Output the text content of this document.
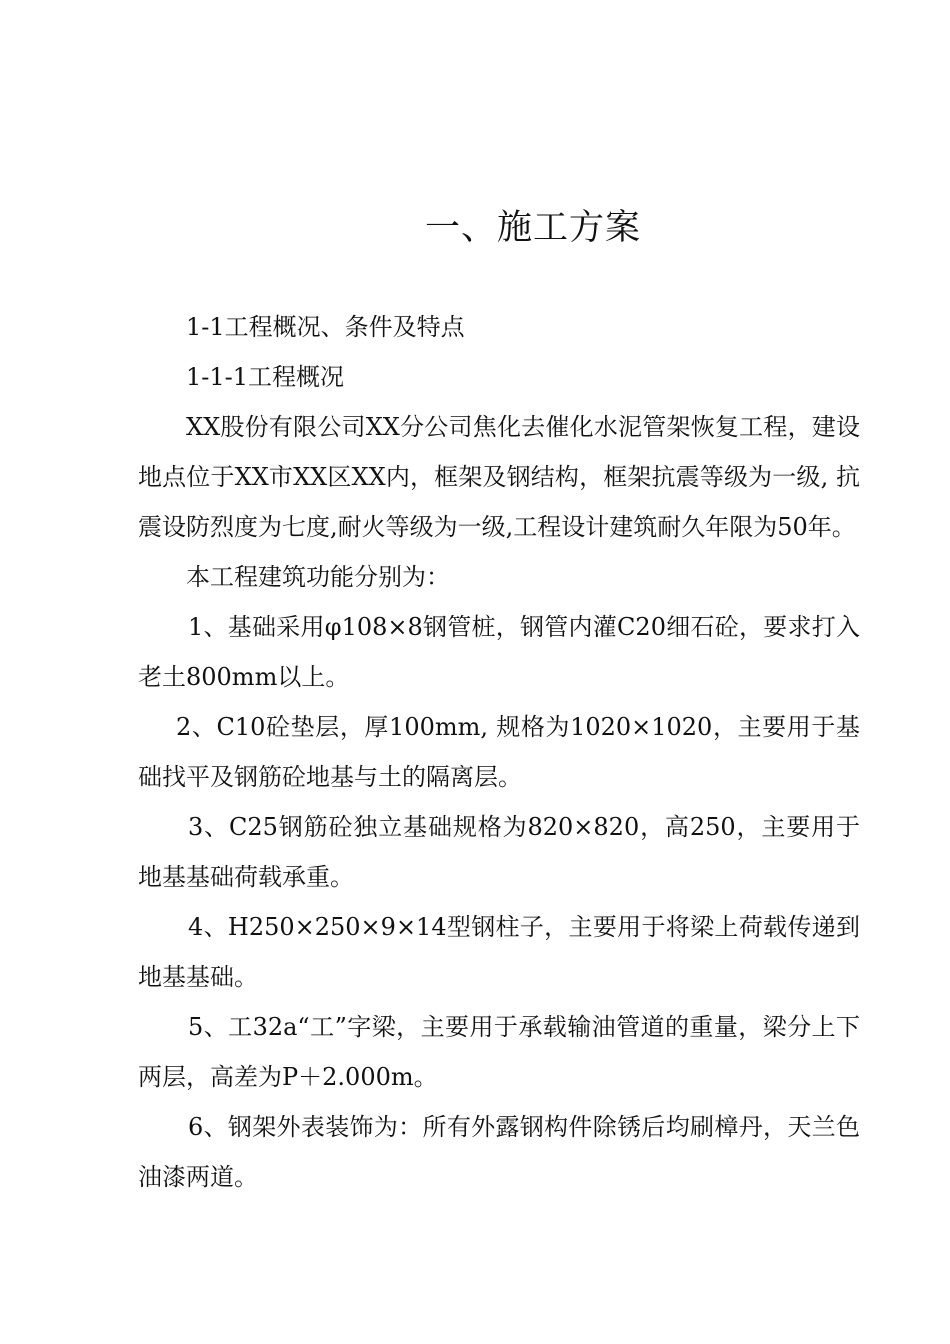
一、施工方案

1-1工程概况、条件及特点

1-1-1工程概况

XX股份有限公司XX分公司焦化去催化水泥管架恢复工程，建设地点位于XX市XX区XX内，框架及钢结构，框架抗震等级为一级, 抗震设防烈度为七度,耐火等级为一级,工程设计建筑耐久年限为50年。

本工程建筑功能分别为：

1、基础采用φ108×8钢管桩，钢管内灌C20细石砼，要求打入老土800mm以上。

2、C10砼垫层，厚100mm, 规格为1020×1020，主要用于基础找平及钢筋砼地基与土的隔离层。

3、C25钢筋砼独立基础规格为820×820，高250，主要用于地基基础荷载承重。

4、H250×250×9×14型钢柱子，主要用于将梁上荷载传递到地基基础。

5、工32a“工”字梁，主要用于承载输油管道的重量，梁分上下两层，高差为P＋2.000m。

6、钢架外表装饰为：所有外露钢构件除锈后均刷樟丹，天兰色油漆两道。
